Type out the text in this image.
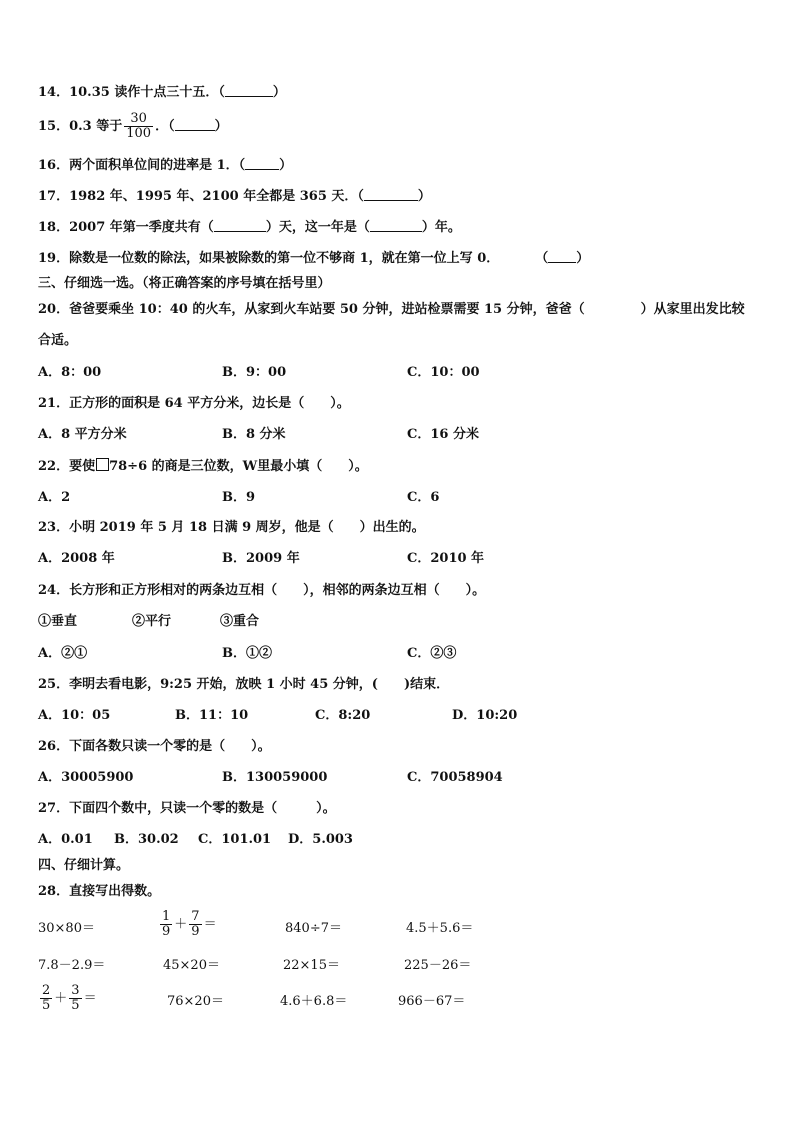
14．10.35 读作十点三十五．（	）
15．0.3 等于 $\frac{30}{100}$ ．（	）
16．两个面积单位间的进率是 1．（	）
17．1982 年、1995 年、2100 年全都是 365 天．（	）
18．2007 年第一季度共有（	）天，这一年是（	）年。
19．除数是一位数的除法，如果被除数的第一位不够商 1，就在第一位上写 0．	（ ）
三、仔细选一选。（将正确答案的序号填在括号里）
20．爸爸要乘坐 10：40 的火车，从家到火车站要 50 分钟，进站检票需要 15 分钟，爸爸（	）从家里出发比较
合适。
A．8：00	B．9：00	C．10：00
21．正方形的面积是 64 平方分米，边长是（　　）。
A．8 平方分米	B．8 分米	C．16 分米
22．要使 78÷6 的商是三位数，W里最小填（　　）。
A．2	B．9	C．6
23．小明 2019 年 5 月 18 日满 9 周岁，他是（　　）出生的。
A．2008 年	B．2009 年	C．2010 年
24．长方形和正方形相对的两条边互相（　　），相邻的两条边互相（　　）。
①垂直	②平行	③重合
A．②①	B．①②	C．②③
25．李明去看电影，9:25 开始，放映 1 小时 45 分钟，(　　)结束．
A．10：05	B．11：10	C．8:20	D．10:20
26．下面各数只读一个零的是（　　）。
A．30005900	B．130059000	C．70058904
27．下面四个数中，只读一个零的数是（　　　）。
A．0.01 B．30.02 C．101.01 D．5.003
四、仔细计算。
28．直接写出得数。
30×80＝	$\frac{1}{9} + \frac{7}{9}$ ＝	840÷7＝	4.5＋5.6＝
7.8－2.9＝	45×20＝	22×15＝	225－26＝
$\frac{2}{5} + \frac{3}{5}$ ＝	76×20＝	4.6＋6.8＝	966－67＝
